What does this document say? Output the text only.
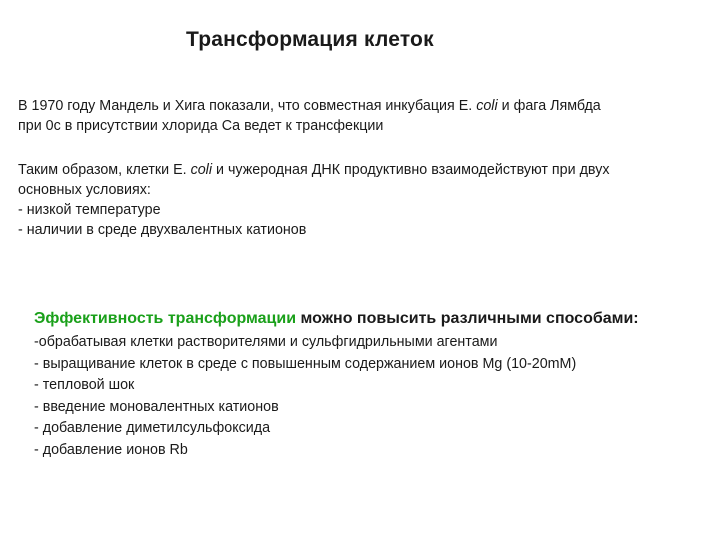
Трансформация клеток
В 1970 году Мандель и Хига показали, что совместная инкубация E. coli и фага Лямбда
при 0с в присутствии хлорида Са ведет к трансфекции
Таким образом, клетки E. coli и чужеродная ДНК продуктивно взаимодействуют при двух
основных условиях:
- низкой температуре
- наличии в среде двухвалентных катионов
Эффективность трансформации можно повысить различными способами:
-обрабатывая клетки растворителями и сульфгидрильными агентами
- выращивание клеток в среде с повышенным содержанием ионов Mg (10-20mM)
- тепловой шок
- введение моновалентных катионов
- добавление диметилсульфоксида
- добавление ионов Rb
